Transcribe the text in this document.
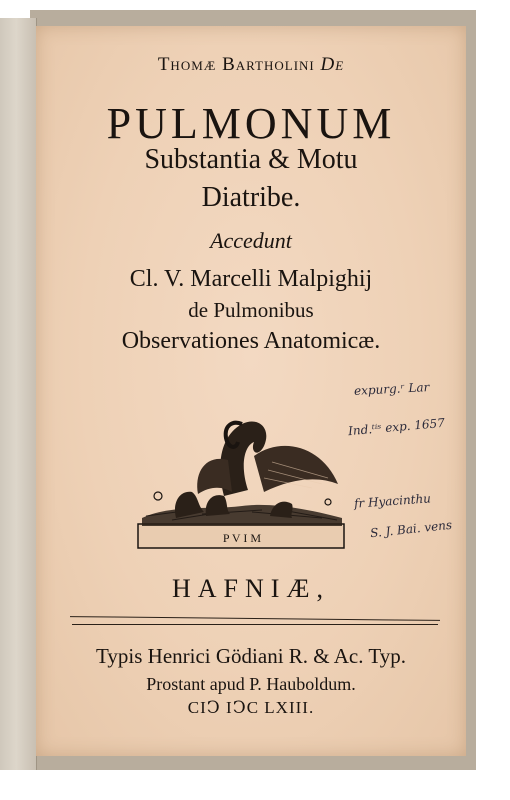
Thomæ Bartholini De
PULMONUM
Substantia & Motu
Diatribe.
Accedunt
Cl. V. Marcelli Malpighij
de Pulmonibus
Observationes Anatomicæ.
expurg.ʳ Lar
Ind.ᵗⁱˢ exp. 1657
fr Hyacinthu
S. J. Bai. vens
P V I M
HAFNIÆ,
Typis Henrici Gödiani R. & Ac. Typ.
Prostant apud P. Hauboldum.
CIↃ IↃC LXIII.
